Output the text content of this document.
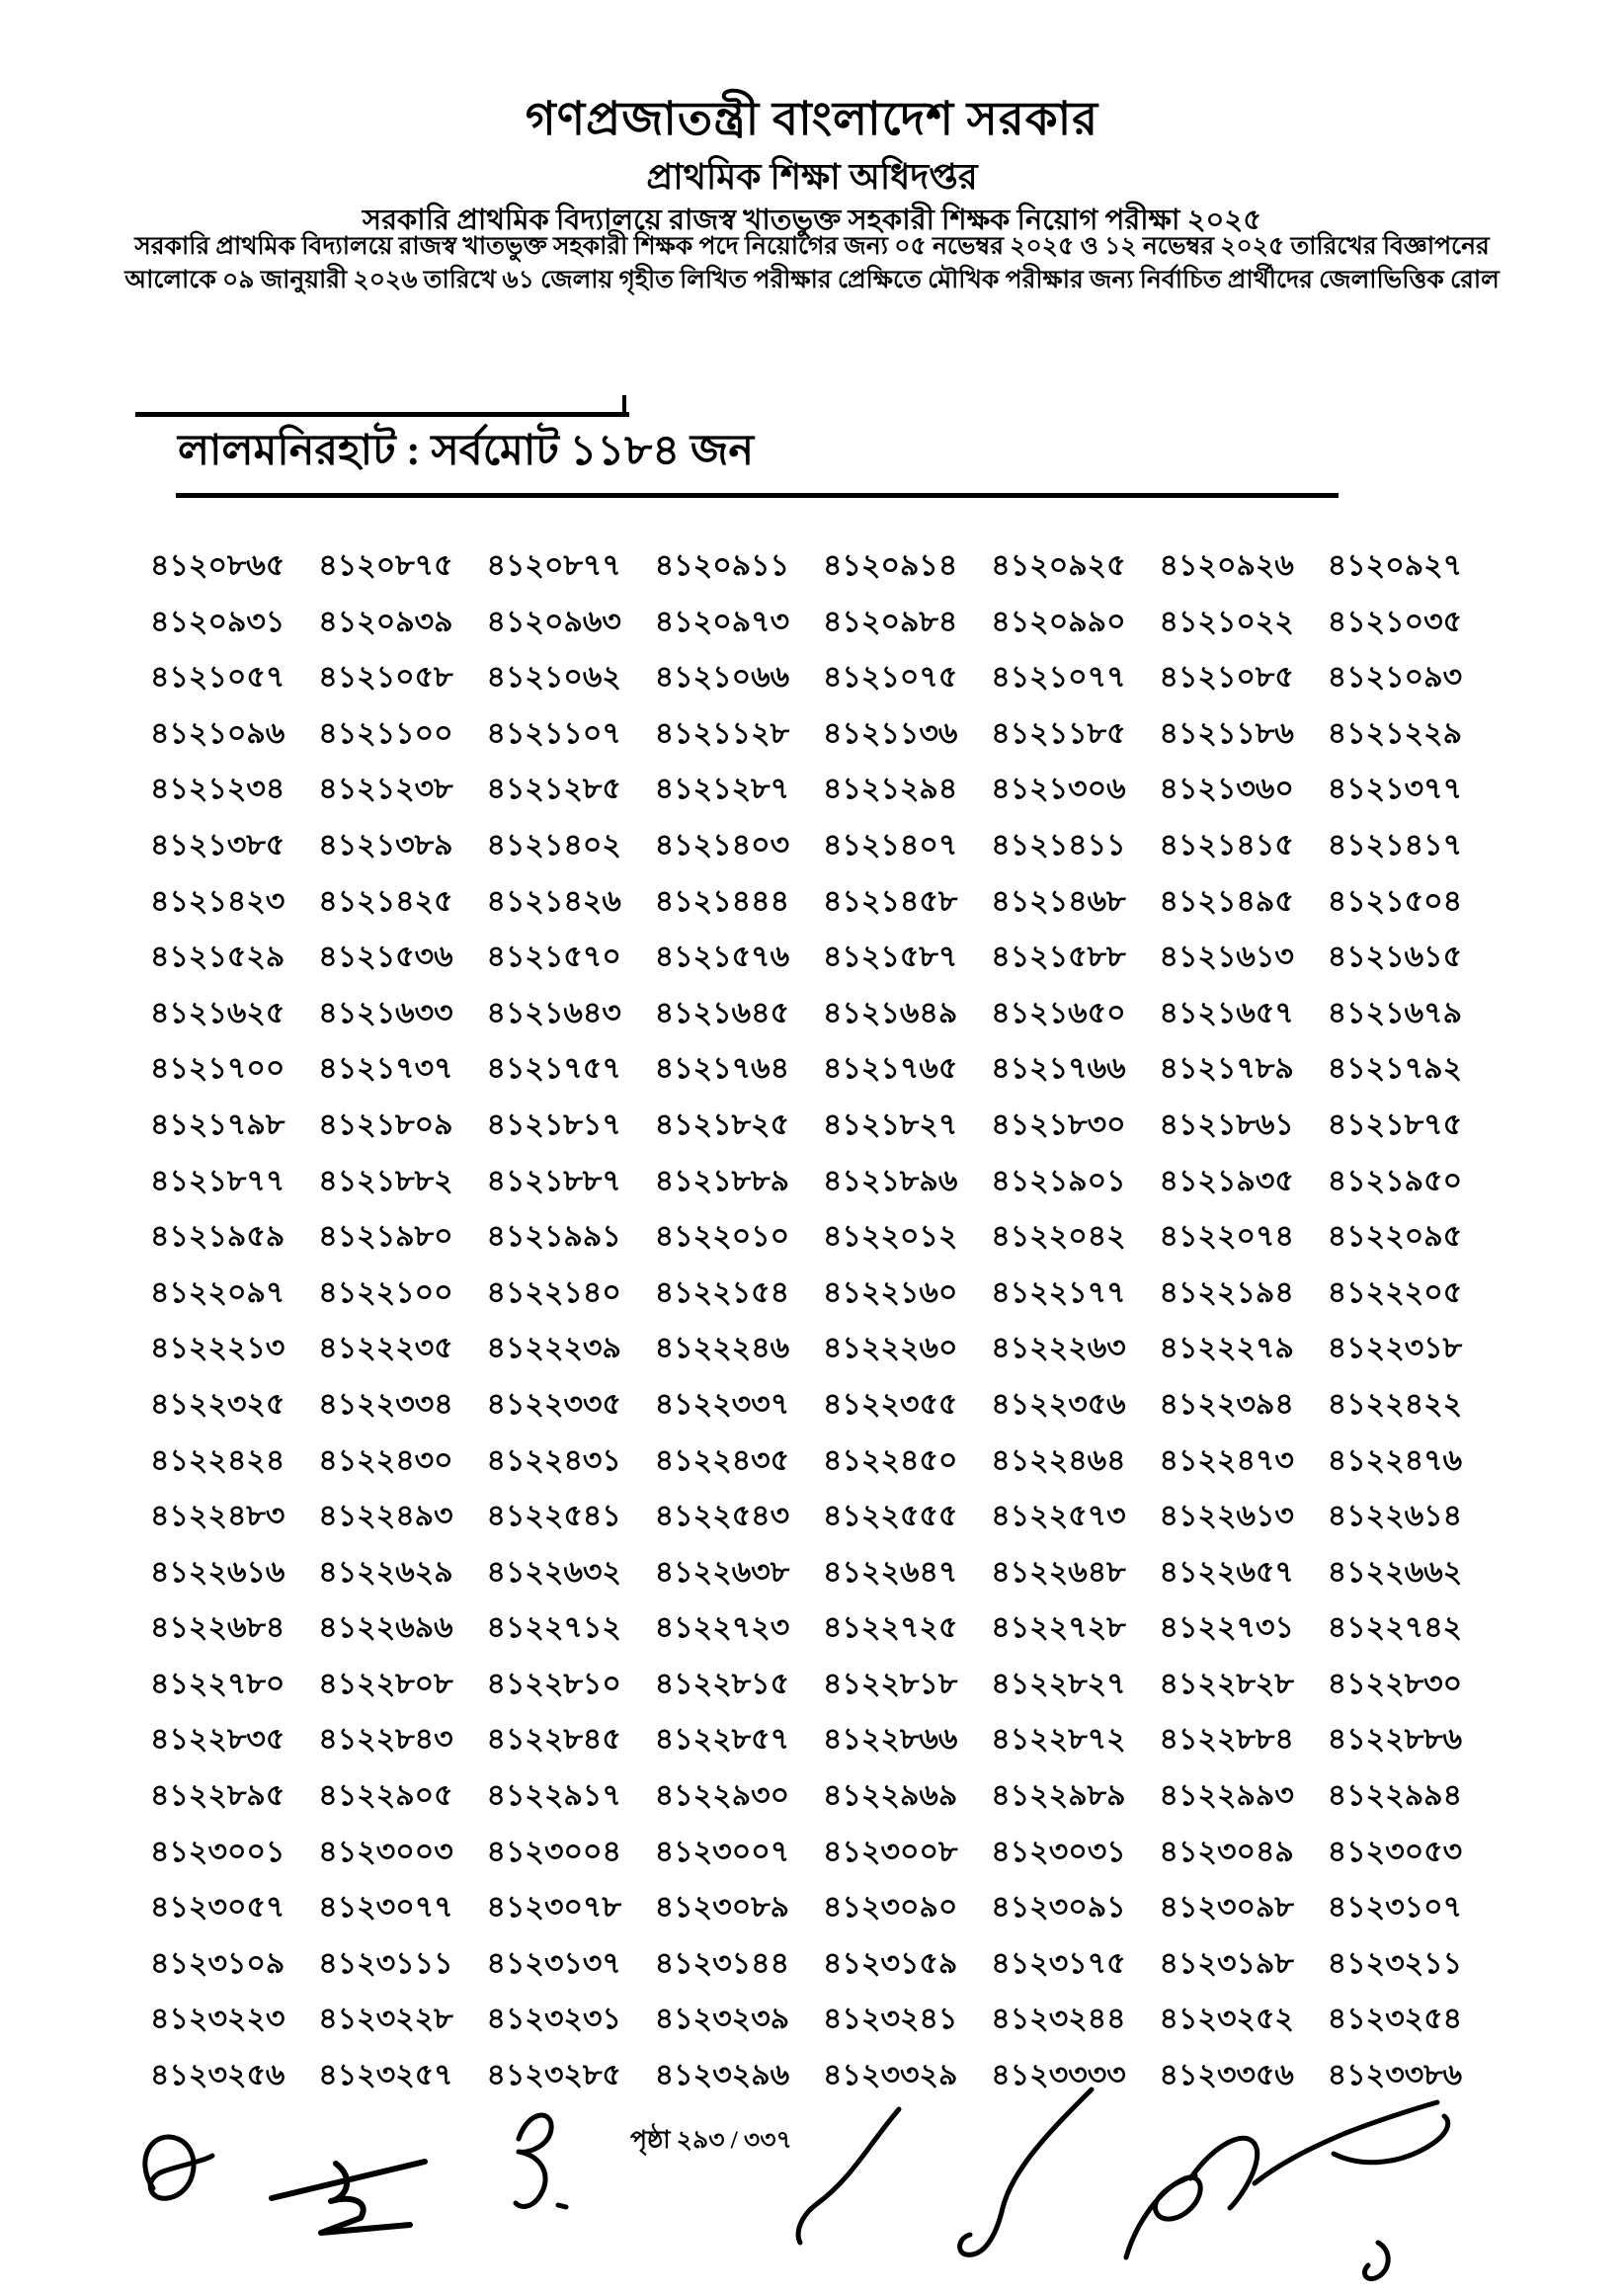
গণপ্রজাতন্ত্রী বাংলাদেশ সরকার
প্রাথমিক শিক্ষা অধিদপ্তর
সরকারি প্রাথমিক বিদ্যালয়ে রাজস্ব খাতভুক্ত সহকারী শিক্ষক নিয়োগ পরীক্ষা ২০২৫
সরকারি প্রাথমিক বিদ্যালয়ে রাজস্ব খাতভুক্ত সহকারী শিক্ষক পদে নিয়োগের জন্য ০৫ নভেম্বর ২০২৫ ও ১২ নভেম্বর ২০২৫ তারিখের বিজ্ঞাপনের
আলোকে ০৯ জানুয়ারী ২০২৬ তারিখে ৬১ জেলায় গৃহীত লিখিত পরীক্ষার প্রেক্ষিতে মৌখিক পরীক্ষার জন্য নির্বাচিত প্রার্থীদের জেলাভিত্তিক রোল
লালমনিরহাট : সর্বমোট ১১৮৪ জন
৪১২০৮৬৫	৪১২০৮৭৫	৪১২০৮৭৭	৪১২০৯১১	৪১২০৯১৪	৪১২০৯২৫	৪১২০৯২৬	৪১২০৯২৭
৪১২০৯৩১	৪১২০৯৩৯	৪১২০৯৬৩	৪১২০৯৭৩	৪১২০৯৮৪	৪১২০৯৯০	৪১২১০২২	৪১২১০৩৫
৪১২১০৫৭	৪১২১০৫৮	৪১২১০৬২	৪১২১০৬৬	৪১২১০৭৫	৪১২১০৭৭	৪১২১০৮৫	৪১২১০৯৩
৪১২১০৯৬	৪১২১১০০	৪১২১১০৭	৪১২১১২৮	৪১২১১৩৬	৪১২১১৮৫	৪১২১১৮৬	৪১২১২২৯
৪১২১২৩৪	৪১২১২৩৮	৪১২১২৮৫	৪১২১২৮৭	৪১২১২৯৪	৪১২১৩০৬	৪১২১৩৬০	৪১২১৩৭৭
৪১২১৩৮৫	৪১২১৩৮৯	৪১২১৪০২	৪১২১৪০৩	৪১২১৪০৭	৪১২১৪১১	৪১২১৪১৫	৪১২১৪১৭
৪১২১৪২৩	৪১২১৪২৫	৪১২১৪২৬	৪১২১৪৪৪	৪১২১৪৫৮	৪১২১৪৬৮	৪১২১৪৯৫	৪১২১৫০৪
৪১২১৫২৯	৪১২১৫৩৬	৪১২১৫৭০	৪১২১৫৭৬	৪১২১৫৮৭	৪১২১৫৮৮	৪১২১৬১৩	৪১২১৬১৫
৪১২১৬২৫	৪১২১৬৩৩	৪১২১৬৪৩	৪১২১৬৪৫	৪১২১৬৪৯	৪১২১৬৫০	৪১২১৬৫৭	৪১২১৬৭৯
৪১২১৭০০	৪১২১৭৩৭	৪১২১৭৫৭	৪১২১৭৬৪	৪১২১৭৬৫	৪১২১৭৬৬	৪১২১৭৮৯	৪১২১৭৯২
৪১২১৭৯৮	৪১২১৮০৯	৪১২১৮১৭	৪১২১৮২৫	৪১২১৮২৭	৪১২১৮৩০	৪১২১৮৬১	৪১২১৮৭৫
৪১২১৮৭৭	৪১২১৮৮২	৪১২১৮৮৭	৪১২১৮৮৯	৪১২১৮৯৬	৪১২১৯০১	৪১২১৯৩৫	৪১২১৯৫০
৪১২১৯৫৯	৪১২১৯৮০	৪১২১৯৯১	৪১২২০১০	৪১২২০১২	৪১২২০৪২	৪১২২০৭৪	৪১২২০৯৫
৪১২২০৯৭	৪১২২১০০	৪১২২১৪০	৪১২২১৫৪	৪১২২১৬০	৪১২২১৭৭	৪১২২১৯৪	৪১২২২০৫
৪১২২২১৩	৪১২২২৩৫	৪১২২২৩৯	৪১২২২৪৬	৪১২২২৬০	৪১২২২৬৩	৪১২২২৭৯	৪১২২৩১৮
৪১২২৩২৫	৪১২২৩৩৪	৪১২২৩৩৫	৪১২২৩৩৭	৪১২২৩৫৫	৪১২২৩৫৬	৪১২২৩৯৪	৪১২২৪২২
৪১২২৪২৪	৪১২২৪৩০	৪১২২৪৩১	৪১২২৪৩৫	৪১২২৪৫০	৪১২২৪৬৪	৪১২২৪৭৩	৪১২২৪৭৬
৪১২২৪৮৩	৪১২২৪৯৩	৪১২২৫৪১	৪১২২৫৪৩	৪১২২৫৫৫	৪১২২৫৭৩	৪১২২৬১৩	৪১২২৬১৪
৪১২২৬১৬	৪১২২৬২৯	৪১২২৬৩২	৪১২২৬৩৮	৪১২২৬৪৭	৪১২২৬৪৮	৪১২২৬৫৭	৪১২২৬৬২
৪১২২৬৮৪	৪১২২৬৯৬	৪১২২৭১২	৪১২২৭২৩	৪১২২৭২৫	৪১২২৭২৮	৪১২২৭৩১	৪১২২৭৪২
৪১২২৭৮০	৪১২২৮০৮	৪১২২৮১০	৪১২২৮১৫	৪১২২৮১৮	৪১২২৮২৭	৪১২২৮২৮	৪১২২৮৩০
৪১২২৮৩৫	৪১২২৮৪৩	৪১২২৮৪৫	৪১২২৮৫৭	৪১২২৮৬৬	৪১২২৮৭২	৪১২২৮৮৪	৪১২২৮৮৬
৪১২২৮৯৫	৪১২২৯০৫	৪১২২৯১৭	৪১২২৯৩০	৪১২২৯৬৯	৪১২২৯৮৯	৪১২২৯৯৩	৪১২২৯৯৪
৪১২৩০০১	৪১২৩০০৩	৪১২৩০০৪	৪১২৩০০৭	৪১২৩০০৮	৪১২৩০৩১	৪১২৩০৪৯	৪১২৩০৫৩
৪১২৩০৫৭	৪১২৩০৭৭	৪১২৩০৭৮	৪১২৩০৮৯	৪১২৩০৯০	৪১২৩০৯১	৪১২৩০৯৮	৪১২৩১০৭
৪১২৩১০৯	৪১২৩১১১	৪১২৩১৩৭	৪১২৩১৪৪	৪১২৩১৫৯	৪১২৩১৭৫	৪১২৩১৯৮	৪১২৩২১১
৪১২৩২২৩	৪১২৩২২৮	৪১২৩২৩১	৪১২৩২৩৯	৪১২৩২৪১	৪১২৩২৪৪	৪১২৩২৫২	৪১২৩২৫৪
৪১২৩২৫৬	৪১২৩২৫৭	৪১২৩২৮৫	৪১২৩২৯৬	৪১২৩৩২৯	৪১২৩৩৩৩	৪১২৩৩৫৬	৪১২৩৩৮৬
পৃষ্ঠা ২৯৩ / ৩৩৭
